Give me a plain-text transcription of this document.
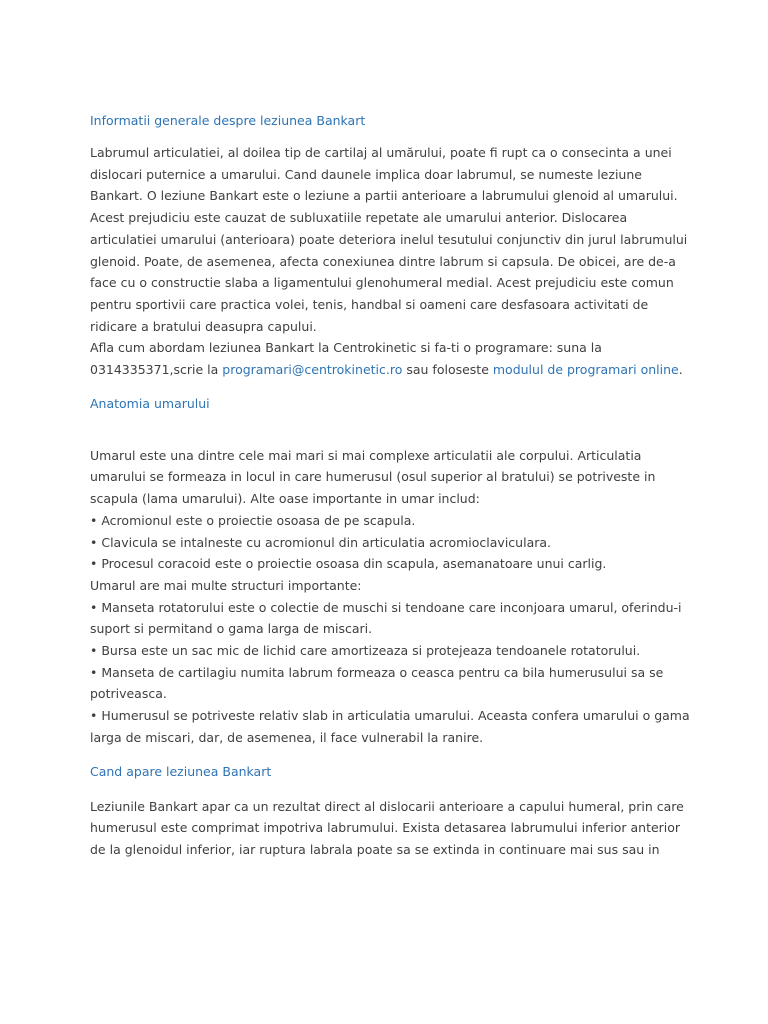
Informatii generale despre leziunea Bankart

Labrumul articulatiei, al doilea tip de cartilaj al umărului, poate fi rupt ca o consecinta a unei
dislocari puternice a umarului. Cand daunele implica doar labrumul, se numeste leziune
Bankart. O leziune Bankart este o leziune a partii anterioare a labrumului glenoid al umarului.
Acest prejudiciu este cauzat de subluxatiile repetate ale umarului anterior. Dislocarea
articulatiei umarului (anterioara) poate deteriora inelul tesutului conjunctiv din jurul labrumului
glenoid. Poate, de asemenea, afecta conexiunea dintre labrum si capsula. De obicei, are de-a
face cu o constructie slaba a ligamentului glenohumeral medial. Acest prejudiciu este comun
pentru sportivii care practica volei, tenis, handbal si oameni care desfasoara activitati de
ridicare a bratului deasupra capului.
Afla cum abordam leziunea Bankart la Centrokinetic si fa-ti o programare: suna la
0314335371,scrie la programari@centrokinetic.ro sau foloseste modulul de programari online.

Anatomia umarului

Umarul este una dintre cele mai mari si mai complexe articulatii ale corpului. Articulatia
umarului se formeaza in locul in care humerusul (osul superior al bratului) se potriveste in
scapula (lama umarului). Alte oase importante in umar includ:
• Acromionul este o proiectie osoasa de pe scapula.
• Clavicula se intalneste cu acromionul din articulatia acromioclaviculara.
• Procesul coracoid este o proiectie osoasa din scapula, asemanatoare unui carlig.
Umarul are mai multe structuri importante:
• Manseta rotatorului este o colectie de muschi si tendoane care inconjoara umarul, oferindu-i
suport si permitand o gama larga de miscari.
• Bursa este un sac mic de lichid care amortizeaza si protejeaza tendoanele rotatorului.
• Manseta de cartilagiu numita labrum formeaza o ceasca pentru ca bila humerusului sa se
potriveasca.
• Humerusul se potriveste relativ slab in articulatia umarului. Aceasta confera umarului o gama
larga de miscari, dar, de asemenea, il face vulnerabil la ranire.

Cand apare leziunea Bankart

Leziunile Bankart apar ca un rezultat direct al dislocarii anterioare a capului humeral, prin care
humerusul este comprimat impotriva labrumului. Exista detasarea labrumului inferior anterior
de la glenoidul inferior, iar ruptura labrala poate sa se extinda in continuare mai sus sau in
